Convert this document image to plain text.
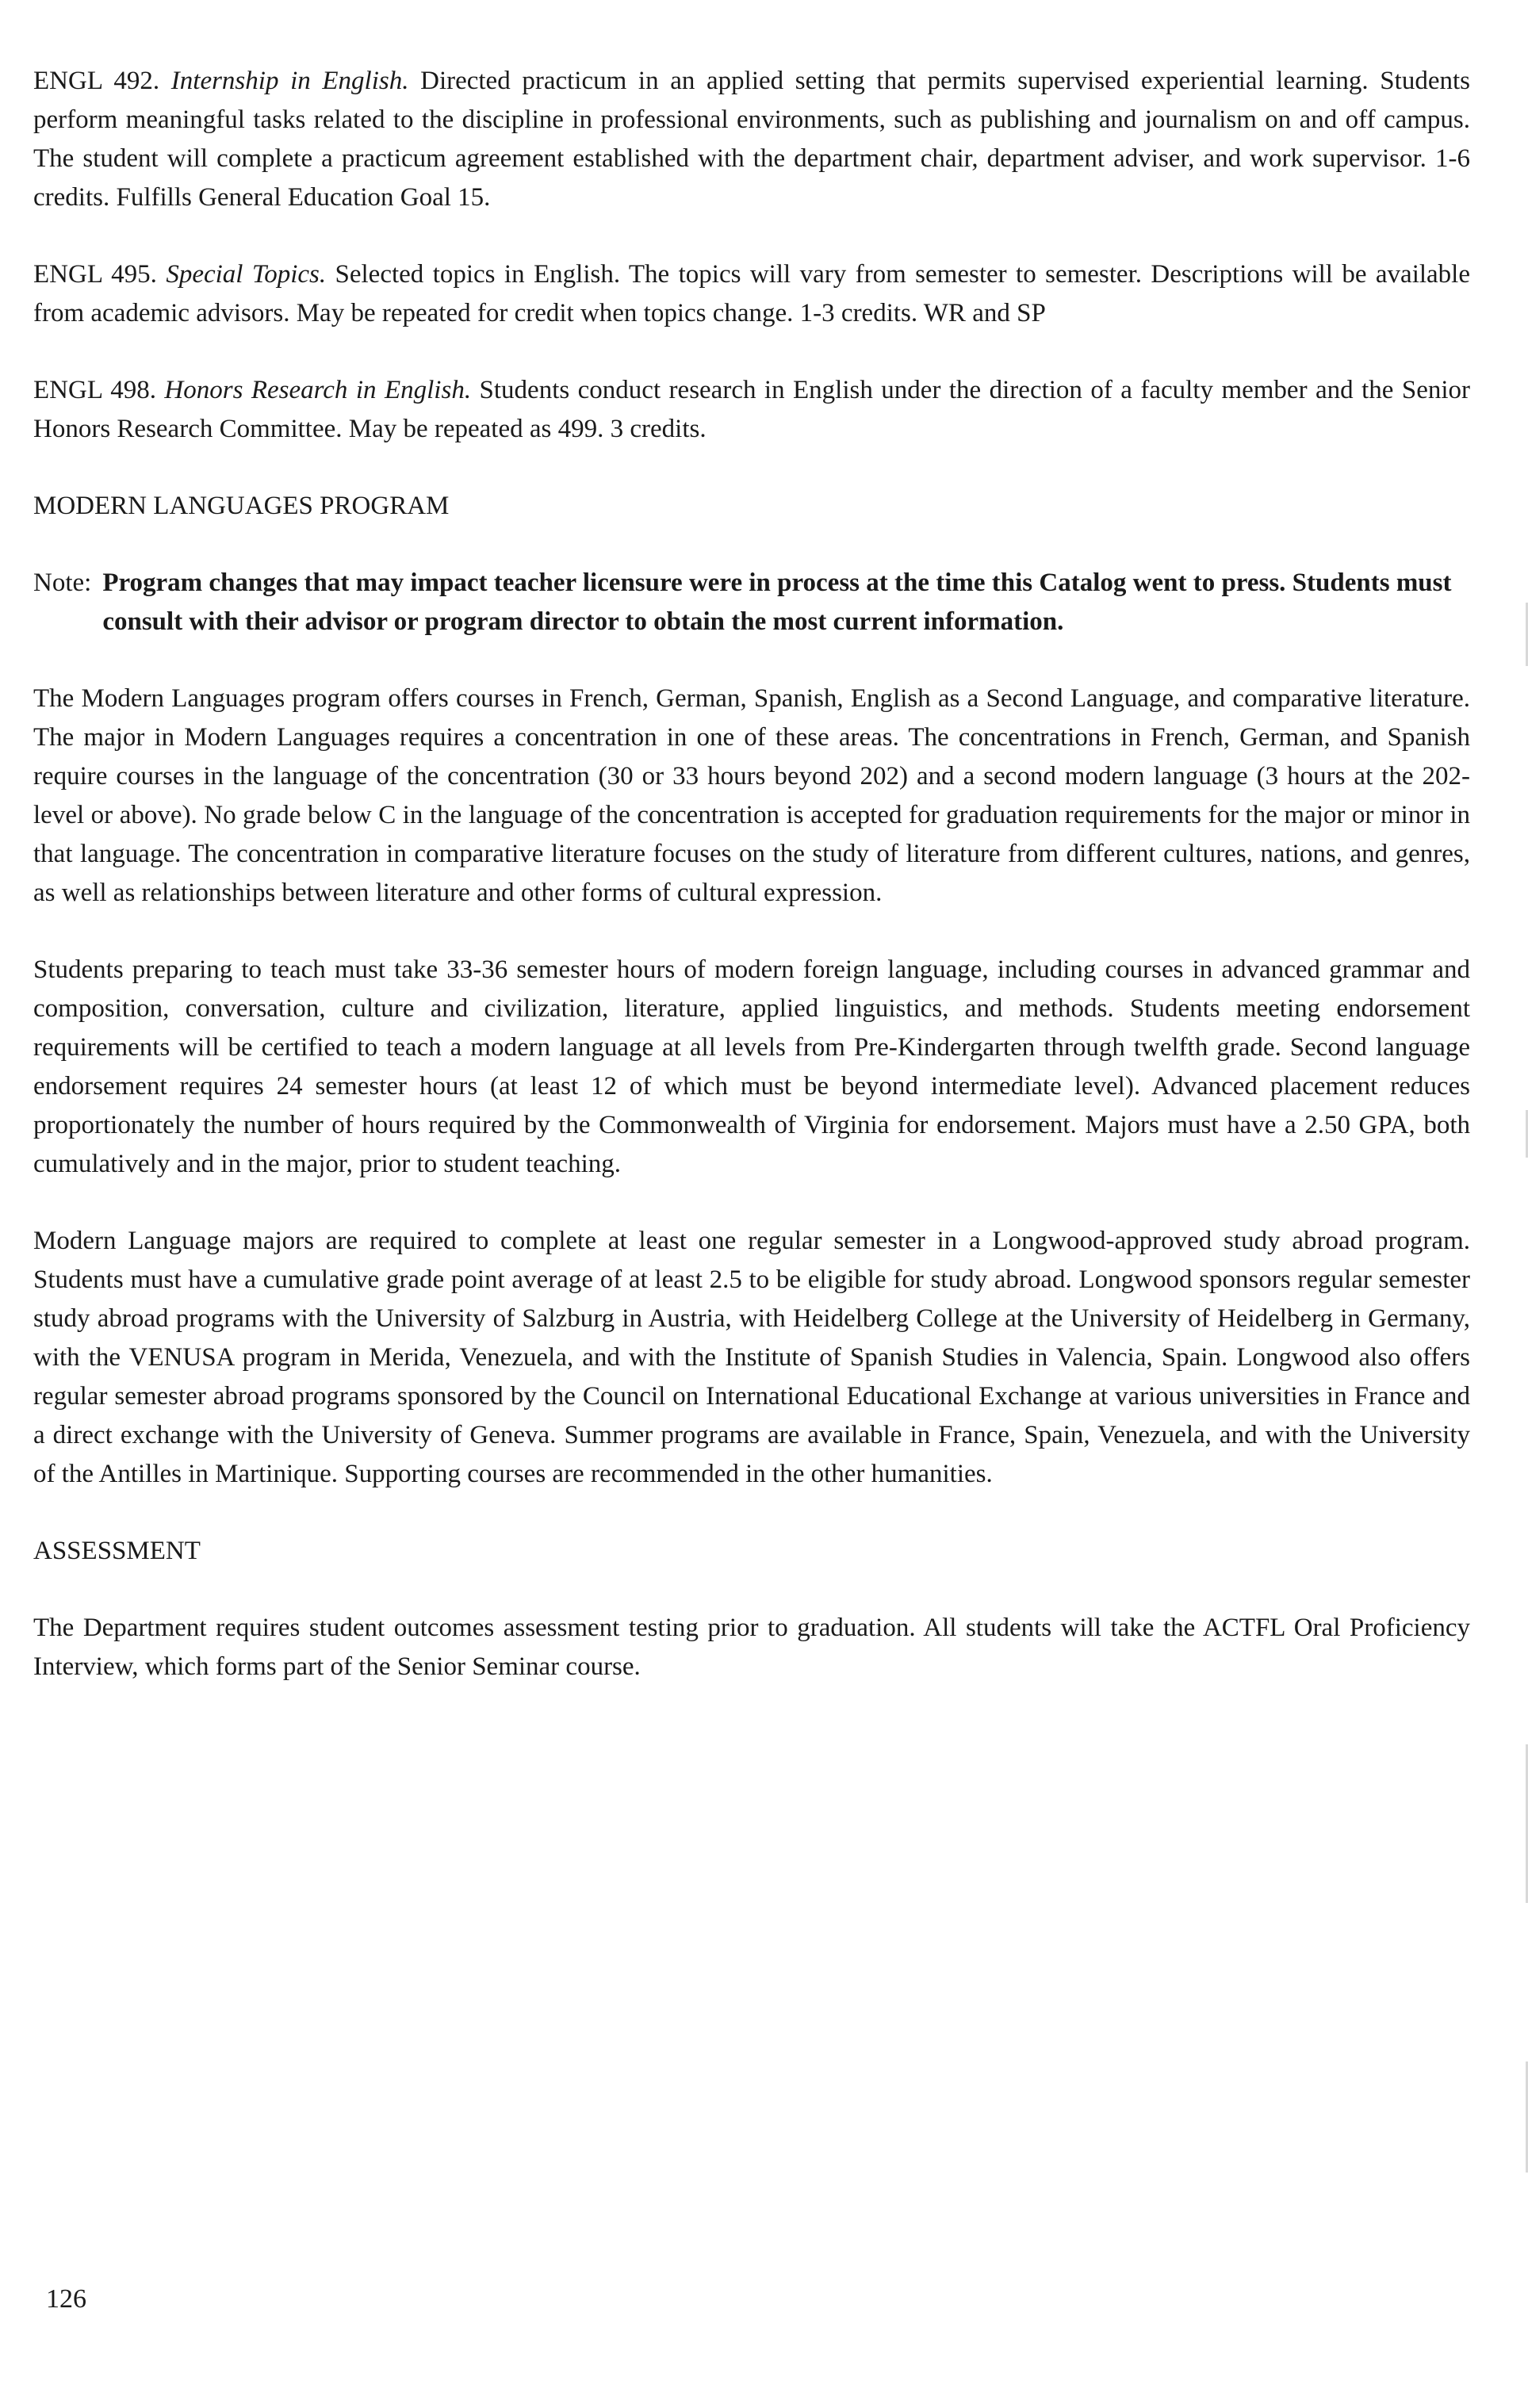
ENGL 492. Internship in English. Directed practicum in an applied setting that permits supervised experiential learning. Students perform meaningful tasks related to the discipline in professional environments, such as publishing and journalism on and off campus. The student will complete a practicum agreement established with the department chair, department adviser, and work supervisor. 1-6 credits. Fulfills General Education Goal 15.

ENGL 495. Special Topics. Selected topics in English. The topics will vary from semester to semester. Descriptions will be available from academic advisors. May be repeated for credit when topics change. 1-3 credits. WR and SP

ENGL 498. Honors Research in English. Students conduct research in English under the direction of a faculty member and the Senior Honors Research Committee. May be repeated as 499. 3 credits.

MODERN LANGUAGES PROGRAM
Note: Program changes that may impact teacher licensure were in process at the time this Catalog went to press. Students must consult with their advisor or program director to obtain the most current information.

The Modern Languages program offers courses in French, German, Spanish, English as a Second Language, and comparative literature. The major in Modern Languages requires a concentration in one of these areas. The concentrations in French, German, and Spanish require courses in the language of the concentration (30 or 33 hours beyond 202) and a second modern language (3 hours at the 202-level or above). No grade below C in the language of the concentration is accepted for graduation requirements for the major or minor in that language. The concentration in comparative literature focuses on the study of literature from different cultures, nations, and genres, as well as relationships between literature and other forms of cultural expression.

Students preparing to teach must take 33-36 semester hours of modern foreign language, including courses in advanced grammar and composition, conversation, culture and civilization, literature, applied linguistics, and methods. Students meeting endorsement requirements will be certified to teach a modern language at all levels from Pre-Kindergarten through twelfth grade. Second language endorsement requires 24 semester hours (at least 12 of which must be beyond intermediate level). Advanced placement reduces proportionately the number of hours required by the Commonwealth of Virginia for endorsement. Majors must have a 2.50 GPA, both cumulatively and in the major, prior to student teaching.

Modern Language majors are required to complete at least one regular semester in a Longwood-approved study abroad program. Students must have a cumulative grade point average of at least 2.5 to be eligible for study abroad. Longwood sponsors regular semester study abroad programs with the University of Salzburg in Austria, with Heidelberg College at the University of Heidelberg in Germany, with the VENUSA program in Merida, Venezuela, and with the Institute of Spanish Studies in Valencia, Spain. Longwood also offers regular semester abroad programs sponsored by the Council on International Educational Exchange at various universities in France and a direct exchange with the University of Geneva. Summer programs are available in France, Spain, Venezuela, and with the University of the Antilles in Martinique. Supporting courses are recommended in the other humanities.

ASSESSMENT

The Department requires student outcomes assessment testing prior to graduation. All students will take the ACTFL Oral Proficiency Interview, which forms part of the Senior Seminar course.

126
